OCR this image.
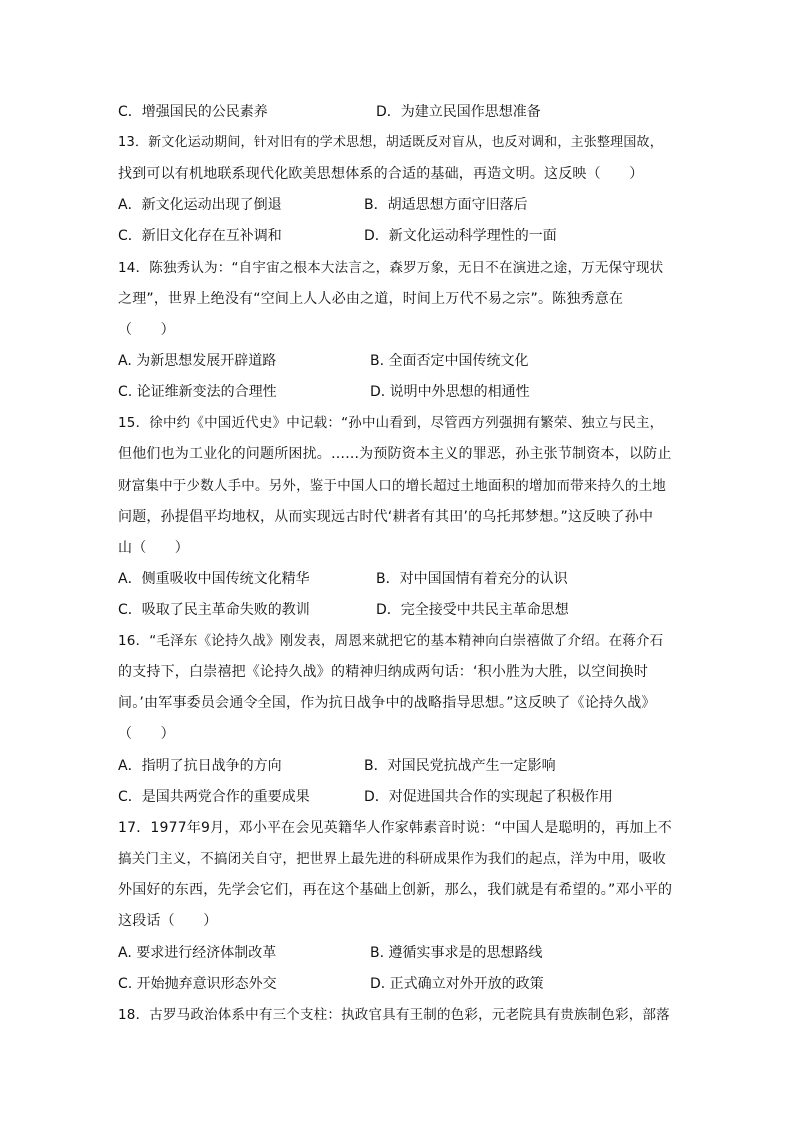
C．增强国民的公民素养	D．为建立民国作思想准备
13．新文化运动期间，针对旧有的学术思想，胡适既反对盲从，也反对调和，主张整理国故，
找到可以有机地联系现代化欧美思想体系的合适的基础，再造文明。这反映（　　）
A．新文化运动出现了倒退	B．胡适思想方面守旧落后
C．新旧文化存在互补调和	D．新文化运动科学理性的一面
14．陈独秀认为：“自宇宙之根本大法言之，森罗万象，无日不在演进之途，万无保守现状
之理”，世界上绝没有“空间上人人必由之道，时间上万代不易之宗”。陈独秀意在
（　　）
A. 为新思想发展开辟道路	B. 全面否定中国传统文化
C. 论证维新变法的合理性	D. 说明中外思想的相通性
15．徐中约《中国近代史》中记载：“孙中山看到，尽管西方列强拥有繁荣、独立与民主，
但他们也为工业化的问题所困扰。…...为预防资本主义的罪恶，孙主张节制资本，以防止
财富集中于少数人手中。另外，鉴于中国人口的增长超过土地面积的增加而带来持久的土地
问题，孙提倡平均地权，从而实现远古时代‘耕者有其田’的乌托邦梦想。”这反映了孙中
山（　　）
A．侧重吸收中国传统文化精华	B．对中国国情有着充分的认识
C．吸取了民主革命失败的教训	D．完全接受中共民主革命思想
16．“毛泽东《论持久战》刚发表，周恩来就把它的基本精神向白崇禧做了介绍。在蒋介石
的支持下，白崇禧把《论持久战》的精神归纳成两句话：‘积小胜为大胜，以空间换时
间。’由军事委员会通令全国，作为抗日战争中的战略指导思想。”这反映了《论持久战》
（　　）
A．指明了抗日战争的方向	B．对国民党抗战产生一定影响
C．是国共两党合作的重要成果	D．对促进国共合作的实现起了积极作用
17．1977年9月，邓小平在会见英籍华人作家韩素音时说：“中国人是聪明的，再加上不
搞关门主义，不搞闭关自守，把世界上最先进的科研成果作为我们的起点，洋为中用，吸收
外国好的东西，先学会它们，再在这个基础上创新，那么，我们就是有希望的。”邓小平的
这段话（　　）
A. 要求进行经济体制改革	B. 遵循实事求是的思想路线
C. 开始抛弃意识形态外交	D. 正式确立对外开放的政策
18．古罗马政治体系中有三个支柱：执政官具有王制的色彩，元老院具有贵族制色彩，部落
